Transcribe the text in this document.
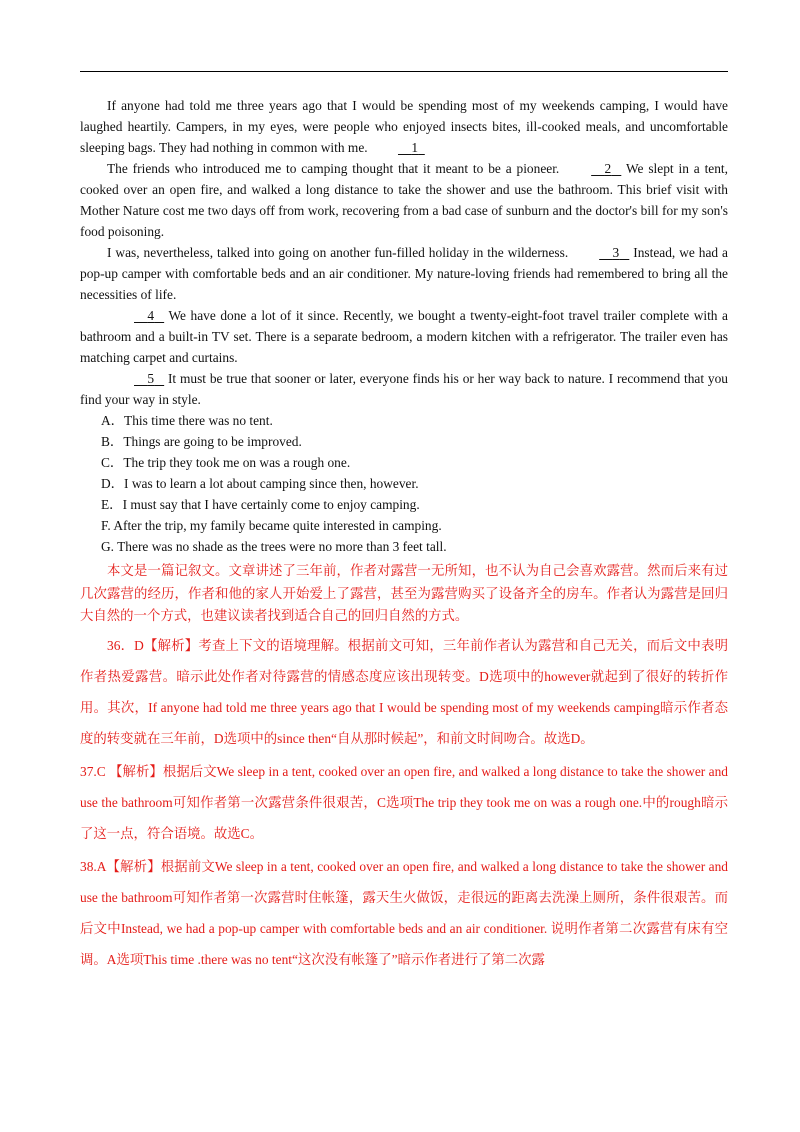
If anyone had told me three years ago that I would be spending most of my weekends camping, I would have laughed heartily. Campers, in my eyes, were people who enjoyed insects bites, ill-cooked meals, and uncomfortable sleeping bags. They had nothing in common with me.	1

The friends who introduced me to camping thought that it meant to be a pioneer.	2 We slept in a tent, cooked over an open fire, and walked a long distance to take the shower and use the bathroom. This brief visit with Mother Nature cost me two days off from work, recovering from a bad case of sunburn and the doctor's bill for my son's food poisoning.

I was, nevertheless, talked into going on another fun-filled holiday in the wilderness.	3 Instead, we had a pop-up camper with comfortable beds and an air conditioner. My nature-loving friends had remembered to bring all the necessities of life.

4 We have done a lot of it since. Recently, we bought a twenty-eight-foot travel trailer complete with a bathroom and a built-in TV set. There is a separate bedroom, a modern kitchen with a refrigerator. The trailer even has matching carpet and curtains.

5 It must be true that sooner or later, everyone finds his or her way back to nature. I recommend that you find your way in style.

A．This time there was no tent.
B．Things are going to be improved.
C．The trip they took me on was a rough one.
D．I was to learn a lot about camping since then, however.
E．I must say that I have certainly come to enjoy camping.
F. After the trip, my family became quite interested in camping.
G. There was no shade as the trees were no more than 3 feet tall.

本文是一篇记叙文。文章讲述了三年前，作者对露营一无所知，也不认为自己会喜欢露营。然而后来有过几次露营的经历，作者和他的家人开始爱上了露营，甚至为露营购买了设备齐全的房车。作者认为露营是回归大自然的一个方式，也建议读者找到适合自己的回归自然的方式。

36．D【解析】考查上下文的语境理解。根据前文可知，三年前作者认为露营和自己无关，而后文中表明作者热爱露营。暗示此处作者对待露营的情感态度应该出现转变。D选项中的however就起到了很好的转折作用。其次，If anyone had told me three years ago that I would be spending most of my weekends camping暗示作者态度的转变就在三年前，D选项中的since then“自从那时候起”，和前文时间吻合。故选D。

37.C 【解析】根据后文We sleep in a tent, cooked over an open fire, and walked a long distance to take the shower and use the bathroom可知作者第一次露营条件很艰苦，C选项The trip they took me on was a rough one.中的rough暗示了这一点，符合语境。故选C。

38.A【解析】根据前文We sleep in a tent, cooked over an open fire, and walked a long distance to take the shower and use the bathroom可知作者第一次露营时住帐篷，露天生火做饭，走很远的距离去洗澡上厕所，条件很艰苦。而后文中Instead, we had a pop-up camper with comfortable beds and an air conditioner. 说明作者第二次露营有床有空调。A选项This time .there was no tent“这次没有帐篷了”暗示作者进行了第二次露
